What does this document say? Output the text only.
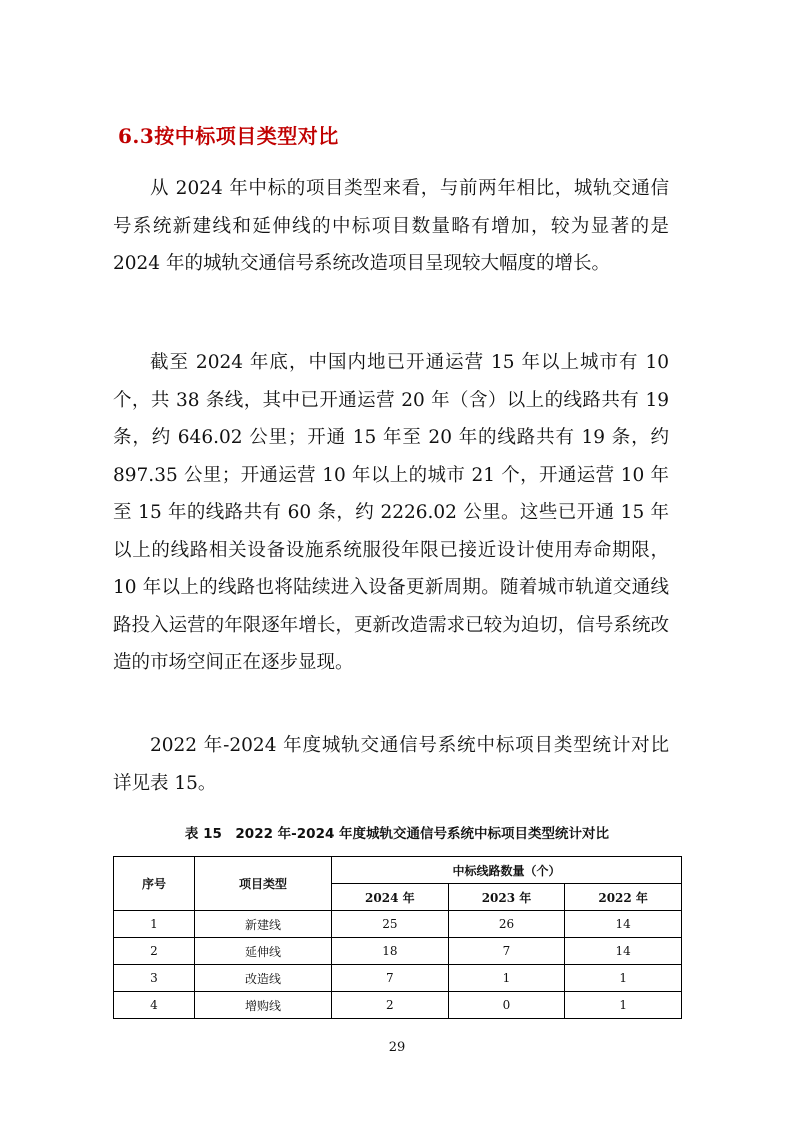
6.3按中标项目类型对比

从 2024 年中标的项目类型来看，与前两年相比，城轨交通信号系统新建线和延伸线的中标项目数量略有增加，较为显著的是 2024 年的城轨交通信号系统改造项目呈现较大幅度的增长。

截至 2024 年底，中国内地已开通运营 15 年以上城市有 10 个，共 38 条线，其中已开通运营 20 年（含）以上的线路共有 19 条，约 646.02 公里；开通 15 年至 20 年的线路共有 19 条，约 897.35 公里；开通运营 10 年以上的城市 21 个，开通运营 10 年至 15 年的线路共有 60 条，约 2226.02 公里。这些已开通 15 年以上的线路相关设备设施系统服役年限已接近设计使用寿命期限，10 年以上的线路也将陆续进入设备更新周期。随着城市轨道交通线路投入运营的年限逐年增长，更新改造需求已较为迫切，信号系统改造的市场空间正在逐步显现。

2022 年-2024 年度城轨交通信号系统中标项目类型统计对比详见表 15。

表 15　2022 年-2024 年度城轨交通信号系统中标项目类型统计对比
序号	项目类型	中标线路数量（个）		
		2024 年	2023 年	2022 年
1	新建线	25	26	14
2	延伸线	18	7	14
3	改造线	7	1	1
4	增购线	2	0	1
29
